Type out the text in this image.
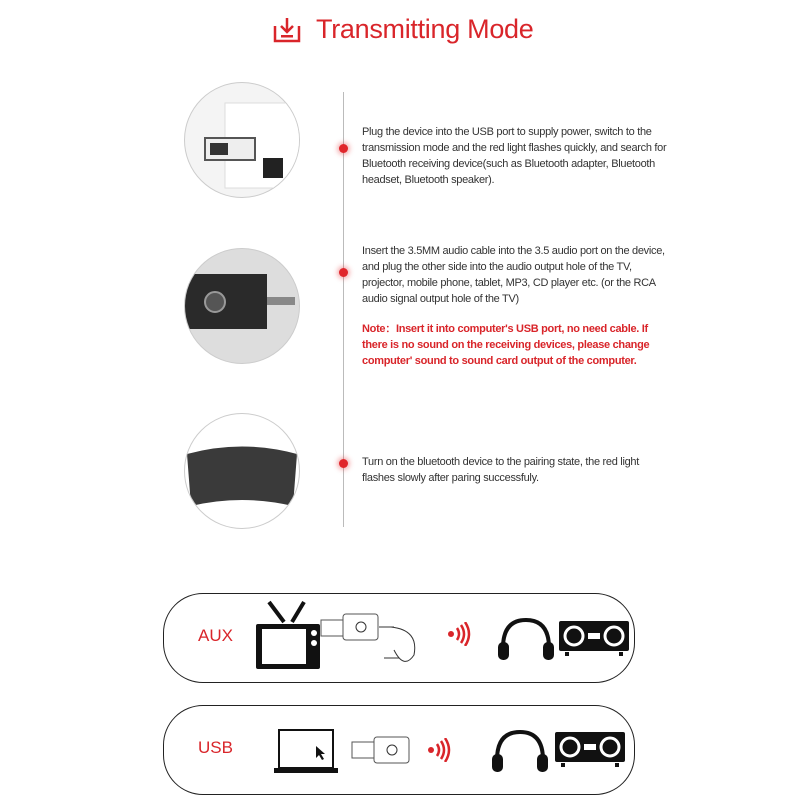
Transmitting Mode
Plug the device into the USB port to supply power, switch to the transmission mode and the red light flashes quickly, and search for Bluetooth receiving device(such as Bluetooth adapter, Bluetooth headset, Bluetooth speaker).
Insert the 3.5MM audio cable into the 3.5 audio port on the device, and plug the other side into the audio output hole of the TV, projector, mobile phone, tablet, MP3, CD player etc. (or the RCA audio signal output hole of the TV)
Note：Insert it into computer's USB port, no need cable. If there is no sound on the receiving devices, please change computer' sound to sound card output of the computer.
Turn on the bluetooth device to the pairing state, the red light flashes slowly after paring successfuly.
AUX
USB
